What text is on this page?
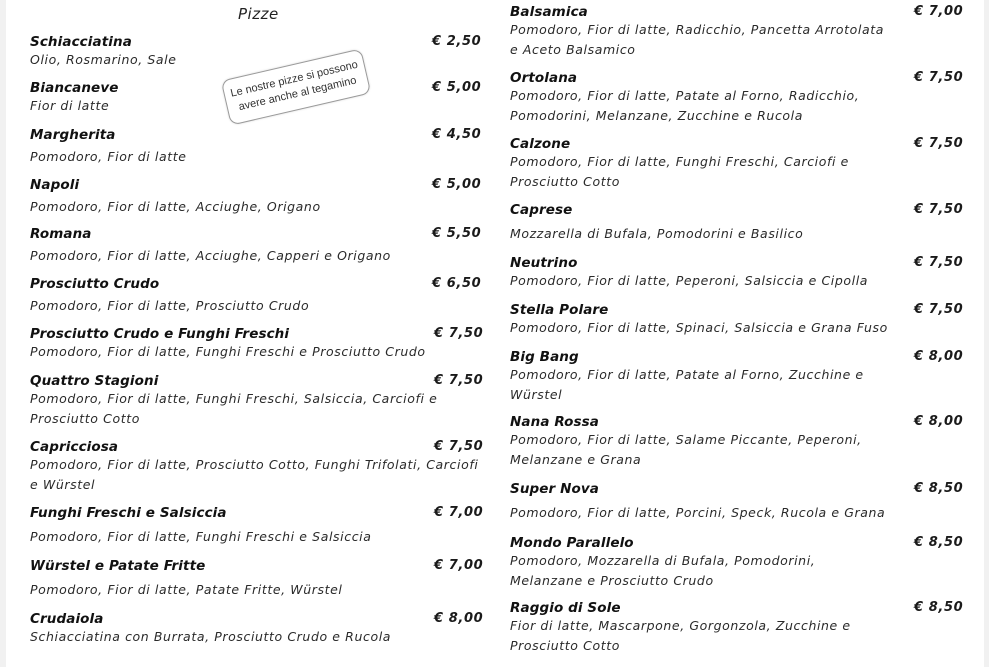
Pizze
Le nostre pizze si possono avere anche al tegamino
Schiacciatina
Olio, Rosmarino, Sale
€ 2,50
Biancaneve
Fior di latte
€ 5,00
Margherita
Pomodoro, Fior di latte
€ 4,50
Napoli
Pomodoro, Fior di latte, Acciughe, Origano
€ 5,00
Romana
Pomodoro, Fior di latte, Acciughe, Capperi e Origano
€ 5,50
Prosciutto Crudo
Pomodoro, Fior di latte, Prosciutto Crudo
€ 6,50
Prosciutto Crudo e Funghi Freschi
Pomodoro, Fior di latte, Funghi Freschi e Prosciutto Crudo
€ 7,50
Quattro Stagioni
Pomodoro, Fior di latte, Funghi Freschi, Salsiccia, Carciofi e Prosciutto Cotto
€ 7,50
Capricciosa
Pomodoro, Fior di latte, Prosciutto Cotto, Funghi Trifolati, Carciofi e Würstel
€ 7,50
Funghi Freschi e Salsiccia
Pomodoro, Fior di latte, Funghi Freschi e Salsiccia
€ 7,00
Würstel e Patate Fritte
Pomodoro, Fior di latte, Patate Fritte, Würstel
€ 7,00
Crudaiola
Schiacciatina con Burrata, Prosciutto Crudo e Rucola
€ 8,00
Balsamica
Pomodoro, Fior di latte, Radicchio, Pancetta Arrotolata e Aceto Balsamico
€ 7,00
Ortolana
Pomodoro, Fior di latte, Patate al Forno, Radicchio, Pomodorini, Melanzane, Zucchine e Rucola
€ 7,50
Calzone
Pomodoro, Fior di latte, Funghi Freschi, Carciofi e Prosciutto Cotto
€ 7,50
Caprese
Mozzarella di Bufala, Pomodorini e Basilico
€ 7,50
Neutrino
Pomodoro, Fior di latte, Peperoni, Salsiccia e Cipolla
€ 7,50
Stella Polare
Pomodoro, Fior di latte, Spinaci, Salsiccia e Grana Fuso
€ 7,50
Big Bang
Pomodoro, Fior di latte, Patate al Forno, Zucchine e Würstel
€ 8,00
Nana Rossa
Pomodoro, Fior di latte, Salame Piccante, Peperoni, Melanzane e Grana
€ 8,00
Super Nova
Pomodoro, Fior di latte, Porcini, Speck, Rucola e Grana
€ 8,50
Mondo Parallelo
Pomodoro, Mozzarella di Bufala, Pomodorini, Melanzane e Prosciutto Crudo
€ 8,50
Raggio di Sole
Fior di latte, Mascarpone, Gorgonzola, Zucchine e Prosciutto Cotto
€ 8,50
